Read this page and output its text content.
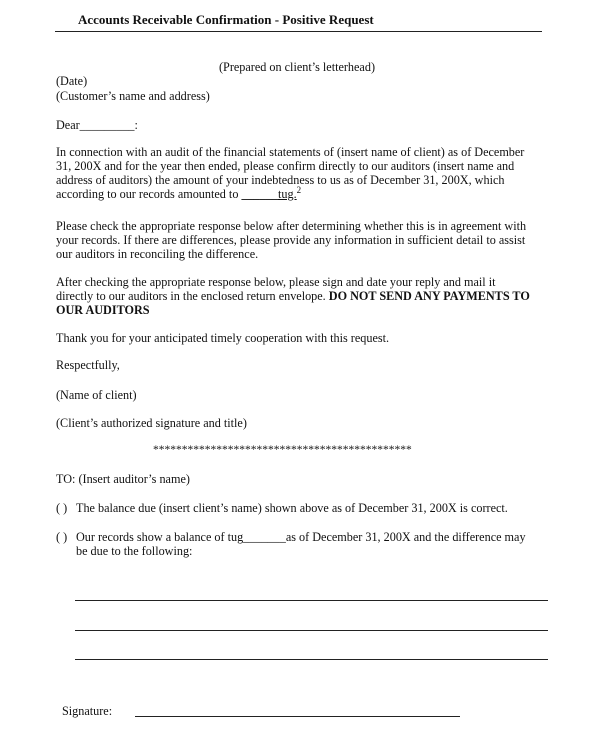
Accounts Receivable Confirmation - Positive Request
(Prepared on client’s letterhead)
(Date)
(Customer’s name and address)
Dear_________:
In connection with an audit of the financial statements of (insert name of client) as of December
31, 200X and for the year then ended, please confirm directly to our auditors (insert name and
address of auditors) the amount of your indebtedness to us as of December 31, 200X, which
according to our records amounted to ______tug.$^2$
Please check the appropriate response below after determining whether this is in agreement with
your records. If there are differences, please provide any information in sufficient detail to assist
our auditors in reconciling the difference.
After checking the appropriate response below, please sign and date your reply and mail it
directly to our auditors in the enclosed return envelope. DO NOT SEND ANY PAYMENTS TO
OUR AUDITORS
Thank you for your anticipated timely cooperation with this request.
Respectfully,
(Name of client)
(Client’s authorized signature and title)
*********************************************
TO: (Insert auditor’s name)
( ) The balance due (insert client’s name) shown above as of December 31, 200X is correct.
( ) Our records show a balance of tug_______as of December 31, 200X and the difference may
be due to the following:
Signature:
